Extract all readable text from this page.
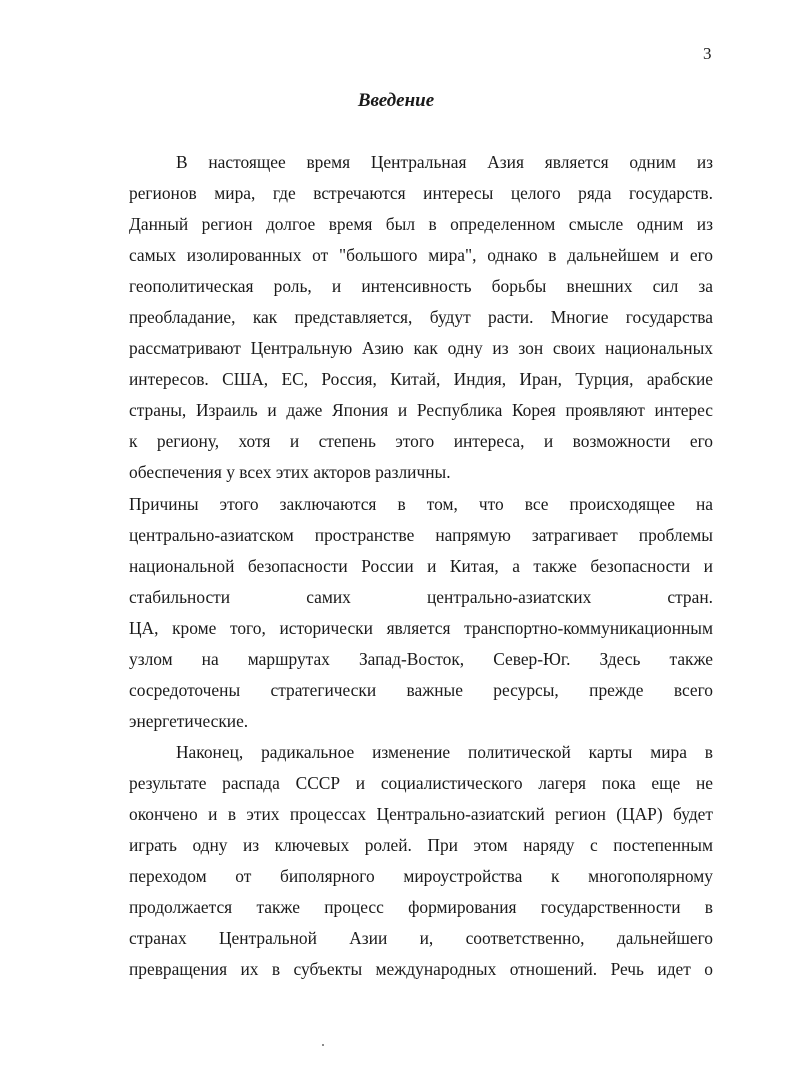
3
Введение
В настоящее время Центральная Азия является одним из
регионов мира, где встречаются интересы целого ряда государств.
Данный регион долгое время был в определенном смысле одним из
самых изолированных от "большого мира", однако в дальнейшем и его
геополитическая роль, и интенсивность борьбы внешних сил за
преобладание, как представляется, будут расти. Многие государства
рассматривают Центральную Азию как одну из зон своих национальных
интересов. США, ЕС, Россия, Китай, Индия, Иран, Турция, арабские
страны, Израиль и даже Япония и Республика Корея проявляют интерес
к региону, хотя и степень этого интереса, и возможности его
обеспечения у всех этих акторов различны.
Причины этого заключаются в том, что все происходящее на
центрально-азиатском пространстве напрямую затрагивает проблемы
национальной безопасности России и Китая, а также безопасности и
стабильности самих центрально-азиатских стран.
ЦА, кроме того, исторически является транспортно-коммуникационным
узлом на маршрутах Запад-Восток, Север-Юг. Здесь также
сосредоточены стратегически важные ресурсы, прежде всего
энергетические.
Наконец, радикальное изменение политической карты мира в
результате распада СССР и социалистического лагеря пока еще не
окончено и в этих процессах Центрально-азиатский регион (ЦАР) будет
играть одну из ключевых ролей. При этом наряду с постепенным
переходом от биполярного мироустройства к многополярному
продолжается также процесс формирования государственности в
странах Центральной Азии и, соответственно, дальнейшего
превращения их в субъекты международных отношений. Речь идет о
